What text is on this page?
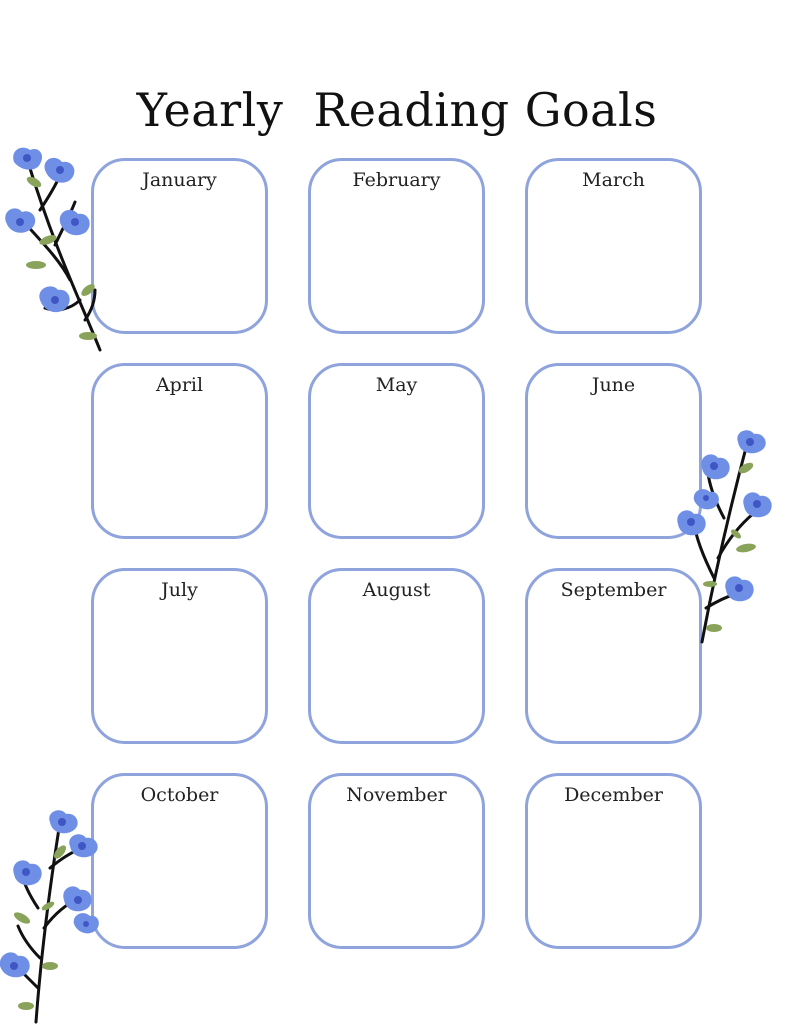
Yearly  Reading Goals
January	February	March
April	May	June
July	August	September
October	November	December
